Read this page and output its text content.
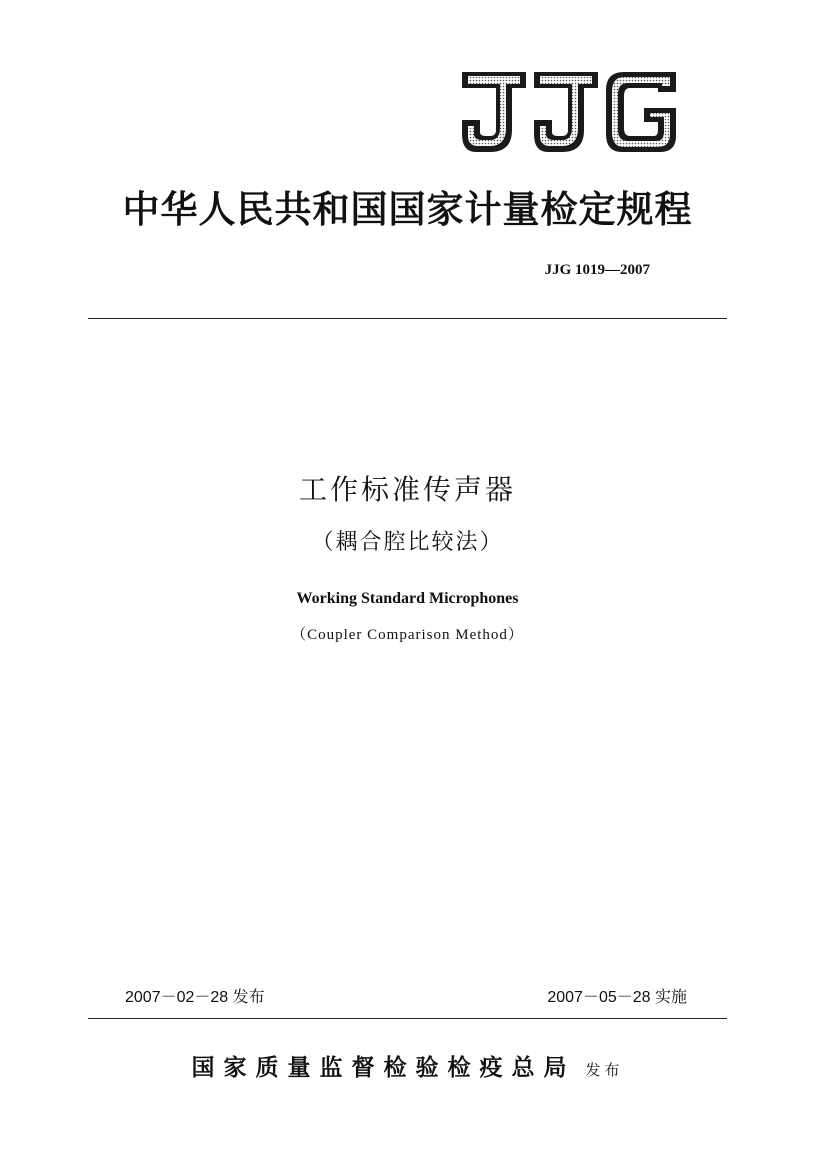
中华人民共和国国家计量检定规程
JJG 1019—2007
工作标准传声器
（耦合腔比较法）
Working Standard Microphones
（Coupler Comparison Method）
2007－02－28 发布	2007－05－28 实施
国家质量监督检验检疫总局 发布
